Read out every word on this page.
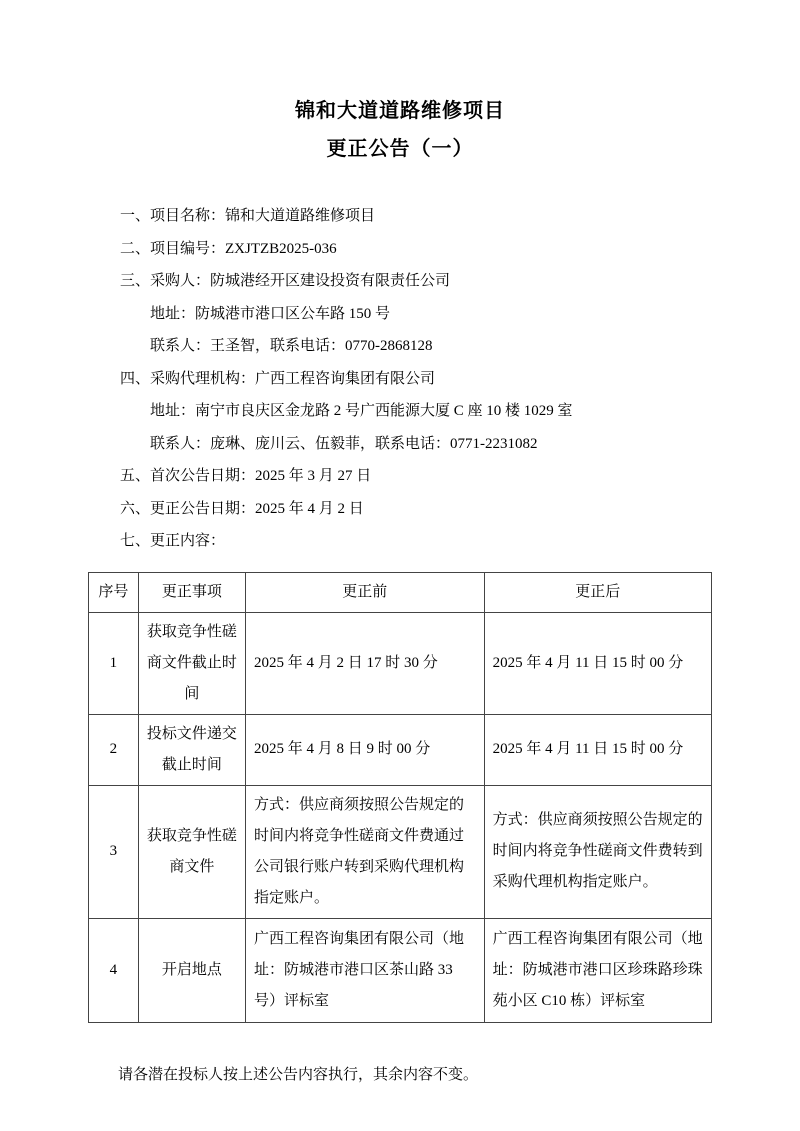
锦和大道道路维修项目
更正公告（一）

一、项目名称：锦和大道道路维修项目

二、项目编号：ZXJTZB2025-036

三、采购人：防城港经开区建设投资有限责任公司

地址：防城港市港口区公车路 150 号

联系人：王圣智，联系电话：0770-2868128

四、采购代理机构：广西工程咨询集团有限公司

地址：南宁市良庆区金龙路 2 号广西能源大厦 C 座 10 楼 1029 室

联系人：庞琳、庞川云、伍毅菲，联系电话：0771-2231082

五、首次公告日期：2025 年 3 月 27 日

六、更正公告日期：2025 年 4 月 2 日

七、更正内容：

序号	更正事项	更正前	更正后
1	获取竞争性磋商文件截止时间	2025 年 4 月 2 日 17 时 30 分	2025 年 4 月 11 日 15 时 00 分
2	投标文件递交截止时间	2025 年 4 月 8 日 9 时 00 分	2025 年 4 月 11 日 15 时 00 分
3	获取竞争性磋商文件	方式：供应商须按照公告规定的时间内将竞争性磋商文件费通过公司银行账户转到采购代理机构指定账户。	方式：供应商须按照公告规定的时间内将竞争性磋商文件费转到采购代理机构指定账户。
4	开启地点	广西工程咨询集团有限公司（地址：防城港市港口区茶山路 33 号）评标室	广西工程咨询集团有限公司（地址：防城港市港口区珍珠路珍珠苑小区 C10 栋）评标室

请各潜在投标人按上述公告内容执行，其余内容不变。
